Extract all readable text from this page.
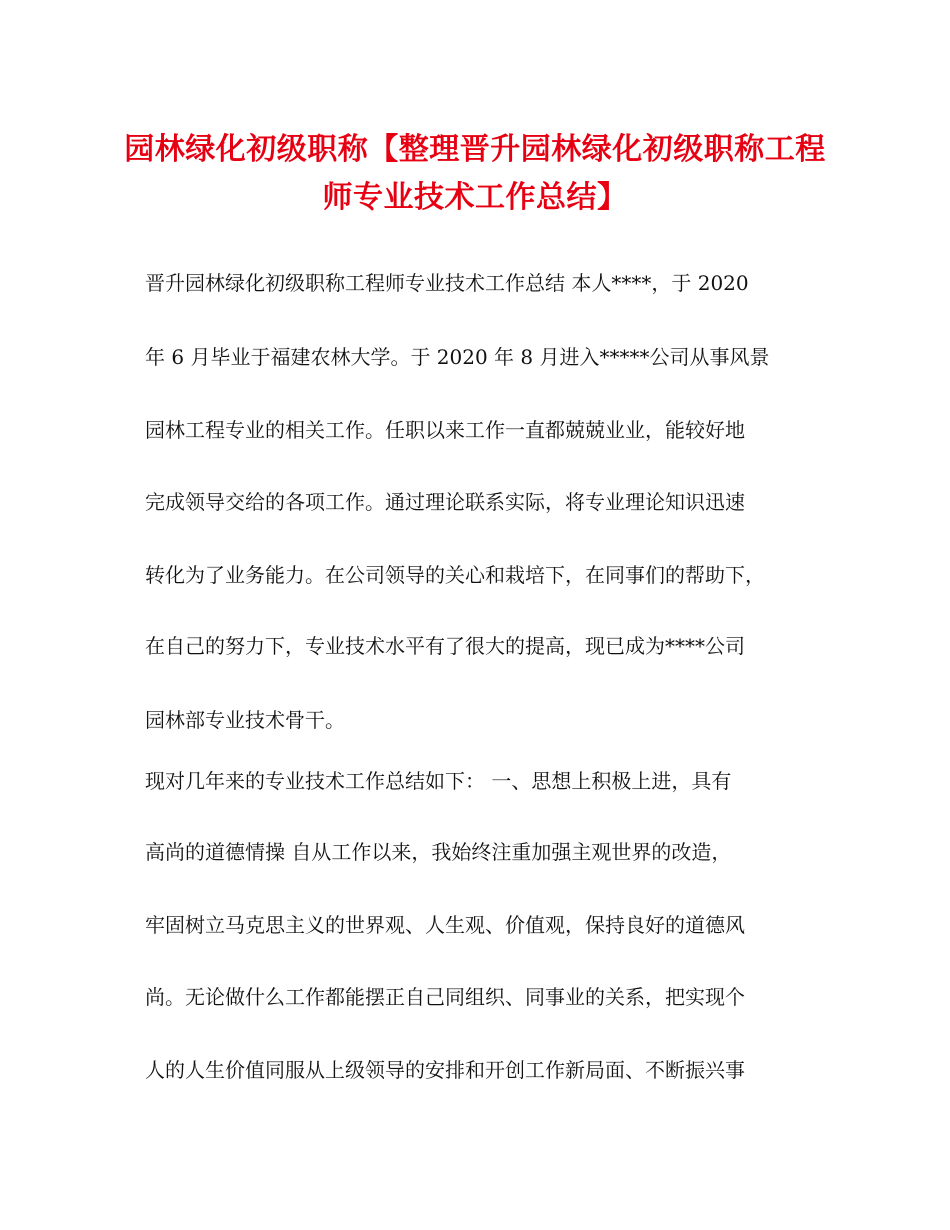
园林绿化初级职称【整理晋升园林绿化初级职称工程
师专业技术工作总结】
晋升园林绿化初级职称工程师专业技术工作总结 本人****，于 2020
年 6 月毕业于福建农林大学。于 2020 年 8 月进入*****公司从事风景
园林工程专业的相关工作。任职以来工作一直都兢兢业业，能较好地
完成领导交给的各项工作。通过理论联系实际，将专业理论知识迅速
转化为了业务能力。在公司领导的关心和栽培下，在同事们的帮助下，
在自己的努力下，专业技术水平有了很大的提高，现已成为****公司
园林部专业技术骨干。
现对几年来的专业技术工作总结如下： 一、思想上积极上进，具有
高尚的道德情操 自从工作以来，我始终注重加强主观世界的改造，
牢固树立马克思主义的世界观、人生观、价值观，保持良好的道德风
尚。无论做什么工作都能摆正自己同组织、同事业的关系，把实现个
人的人生价值同服从上级领导的安排和开创工作新局面、不断振兴事
